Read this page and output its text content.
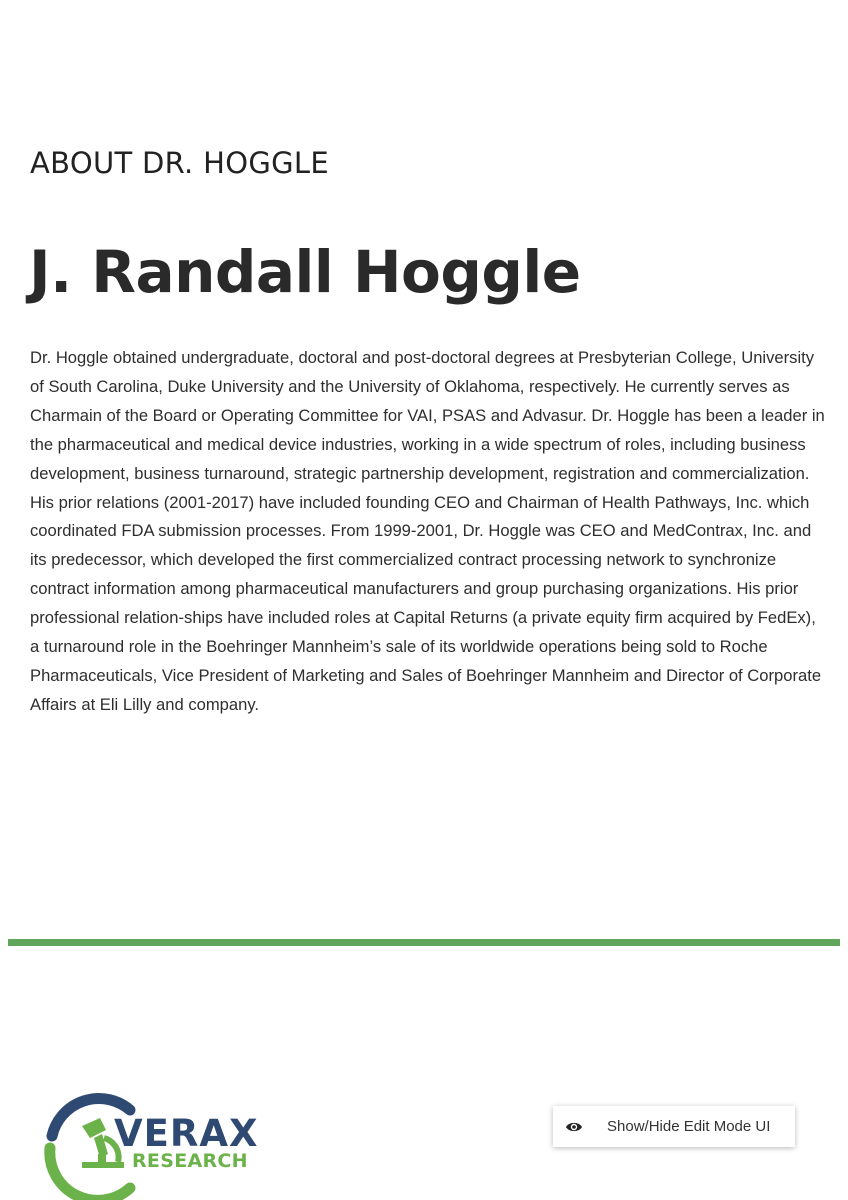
ABOUT DR. HOGGLE
J. Randall Hoggle

Dr. Hoggle obtained undergraduate, doctoral and post-doctoral degrees at Presbyterian College, University of South Carolina, Duke University and the University of Oklahoma, respectively. He currently serves as Charmain of the Board or Operating Committee for VAI, PSAS and Advasur. Dr. Hoggle has been a leader in the pharmaceutical and medical device industries, working in a wide spectrum of roles, including business development, business turnaround, strategic partnership development, registration and commercialization. His prior relations (2001-2017) have included founding CEO and Chairman of Health Pathways, Inc. which coordinated FDA submission processes. From 1999-2001, Dr. Hoggle was CEO and MedContrax, Inc. and its predecessor, which developed the first commercialized contract processing network to synchronize contract information among pharmaceutical manufacturers and group purchasing organizations. His prior professional relation-ships have included roles at Capital Returns (a private equity firm acquired by FedEx), a turnaround role in the Boehringer Mannheim’s sale of its worldwide operations being sold to Roche Pharmaceuticals, Vice President of Marketing and Sales of Boehringer Mannheim and Director of Corporate Affairs at Eli Lilly and company.

VERAX
RESEARCH
Show/Hide Edit Mode UI
